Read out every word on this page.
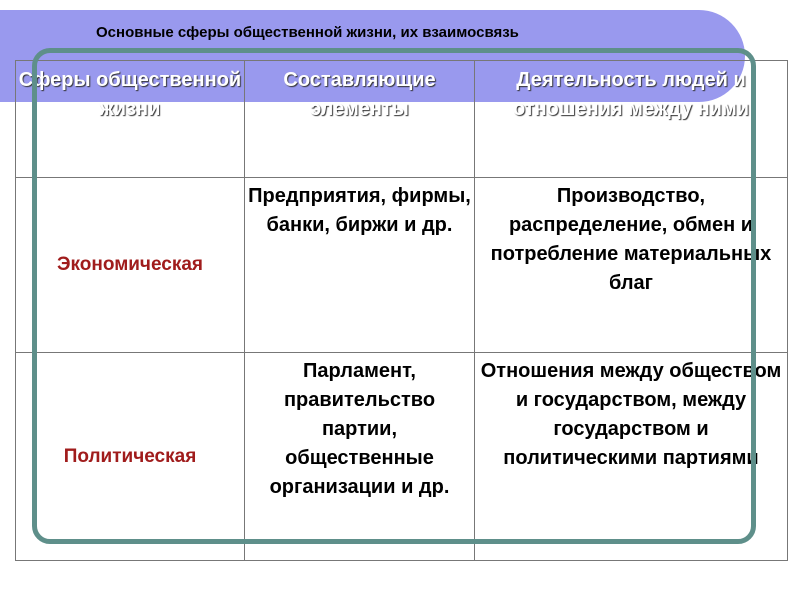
Основные сферы общественной жизни, их взаимосвязь
Сферы общественной жизни	Составляющие элементы	Деятельность людей и отношения между ними
Экономическая	Предприятия, фирмы, банки, биржи и др.	Производство, распределение, обмен и потребление материальных благ
Политическая	Парламент, правительство партии, общественные организации и др.	Отношения между обществом и государством, между государством и политическими партиями
